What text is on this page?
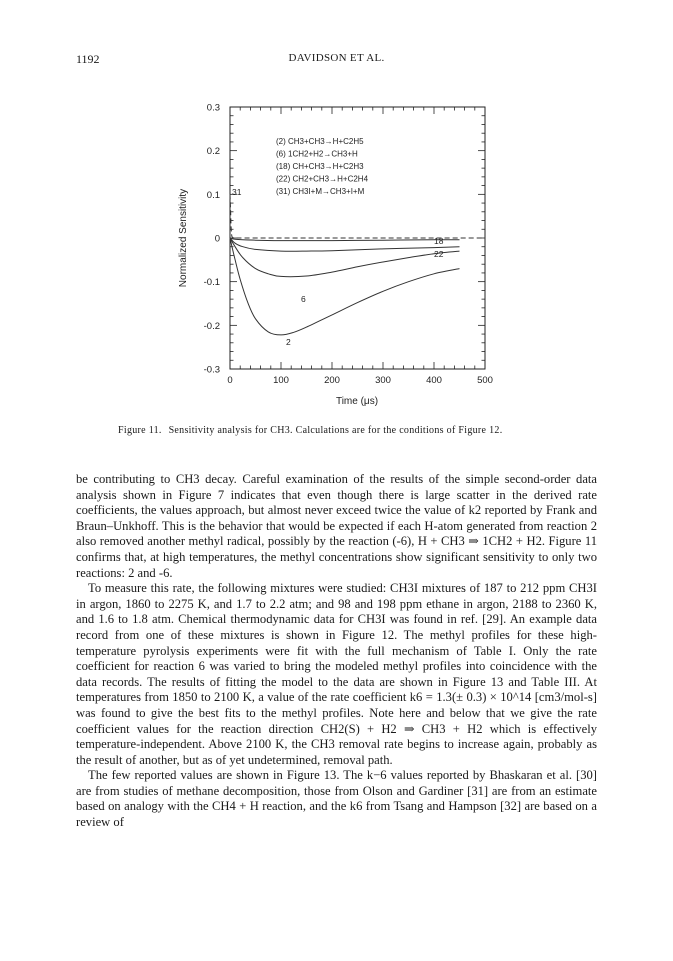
1192	DAVIDSON ET AL.
0	100	200	300	400	500
0.3
0.2
0.1
0
-0.1
-0.2
-0.3
(2) CH3+CH3→H+C2H5
(6) 1CH2+H2→CH3+H
(18) CH+CH3→H+C2H3
(22) CH2+CH3→H+C2H4
(31) CH3I+M→CH3+I+M
31
18
22
6
2
Time (μs)
Normalized Sensitivity
Figure 11. Sensitivity analysis for CH3. Calculations are for the conditions of Figure 12.

be contributing to CH3 decay. Careful examination of the results of the simple second-order data analysis shown in Figure 7 indicates that even though there is large scatter in the derived rate coefficients, the values approach, but almost never exceed twice the value of k2 reported by Frank and Braun–Unkhoff. This is the behavior that would be expected if each H-atom generated from reaction 2 also removed another methyl radical, possibly by the reaction (-6), H + CH3 ⇒ 1CH2 + H2. Figure 11 confirms that, at high temperatures, the methyl concentrations show significant sensitivity to only two reactions: 2 and -6.

To measure this rate, the following mixtures were studied: CH3I mixtures of 187 to 212 ppm CH3I in argon, 1860 to 2275 K, and 1.7 to 2.2 atm; and 98 and 198 ppm ethane in argon, 2188 to 2360 K, and 1.6 to 1.8 atm. Chemical thermodynamic data for CH3I was found in ref. [29]. An example data record from one of these mixtures is shown in Figure 12. The methyl profiles for these high-temperature pyrolysis experiments were fit with the full mechanism of Table I. Only the rate coefficient for reaction 6 was varied to bring the modeled methyl profiles into coincidence with the data records. The results of fitting the model to the data are shown in Figure 13 and Table III. At temperatures from 1850 to 2100 K, a value of the rate coefficient k6 = 1.3(± 0.3) × 10^14 [cm3/mol-s] was found to give the best fits to the methyl profiles. Note here and below that we give the rate coefficient values for the reaction direction CH2(S) + H2 ⇒ CH3 + H2 which is effectively temperature-independent. Above 2100 K, the CH3 removal rate begins to increase again, probably as the result of another, but as of yet undetermined, removal path.

The few reported values are shown in Figure 13. The k−6 values reported by Bhaskaran et al. [30] are from studies of methane decomposition, those from Olson and Gardiner [31] are from an estimate based on analogy with the CH4 + H reaction, and the k6 from Tsang and Hampson [32] are based on a review of
